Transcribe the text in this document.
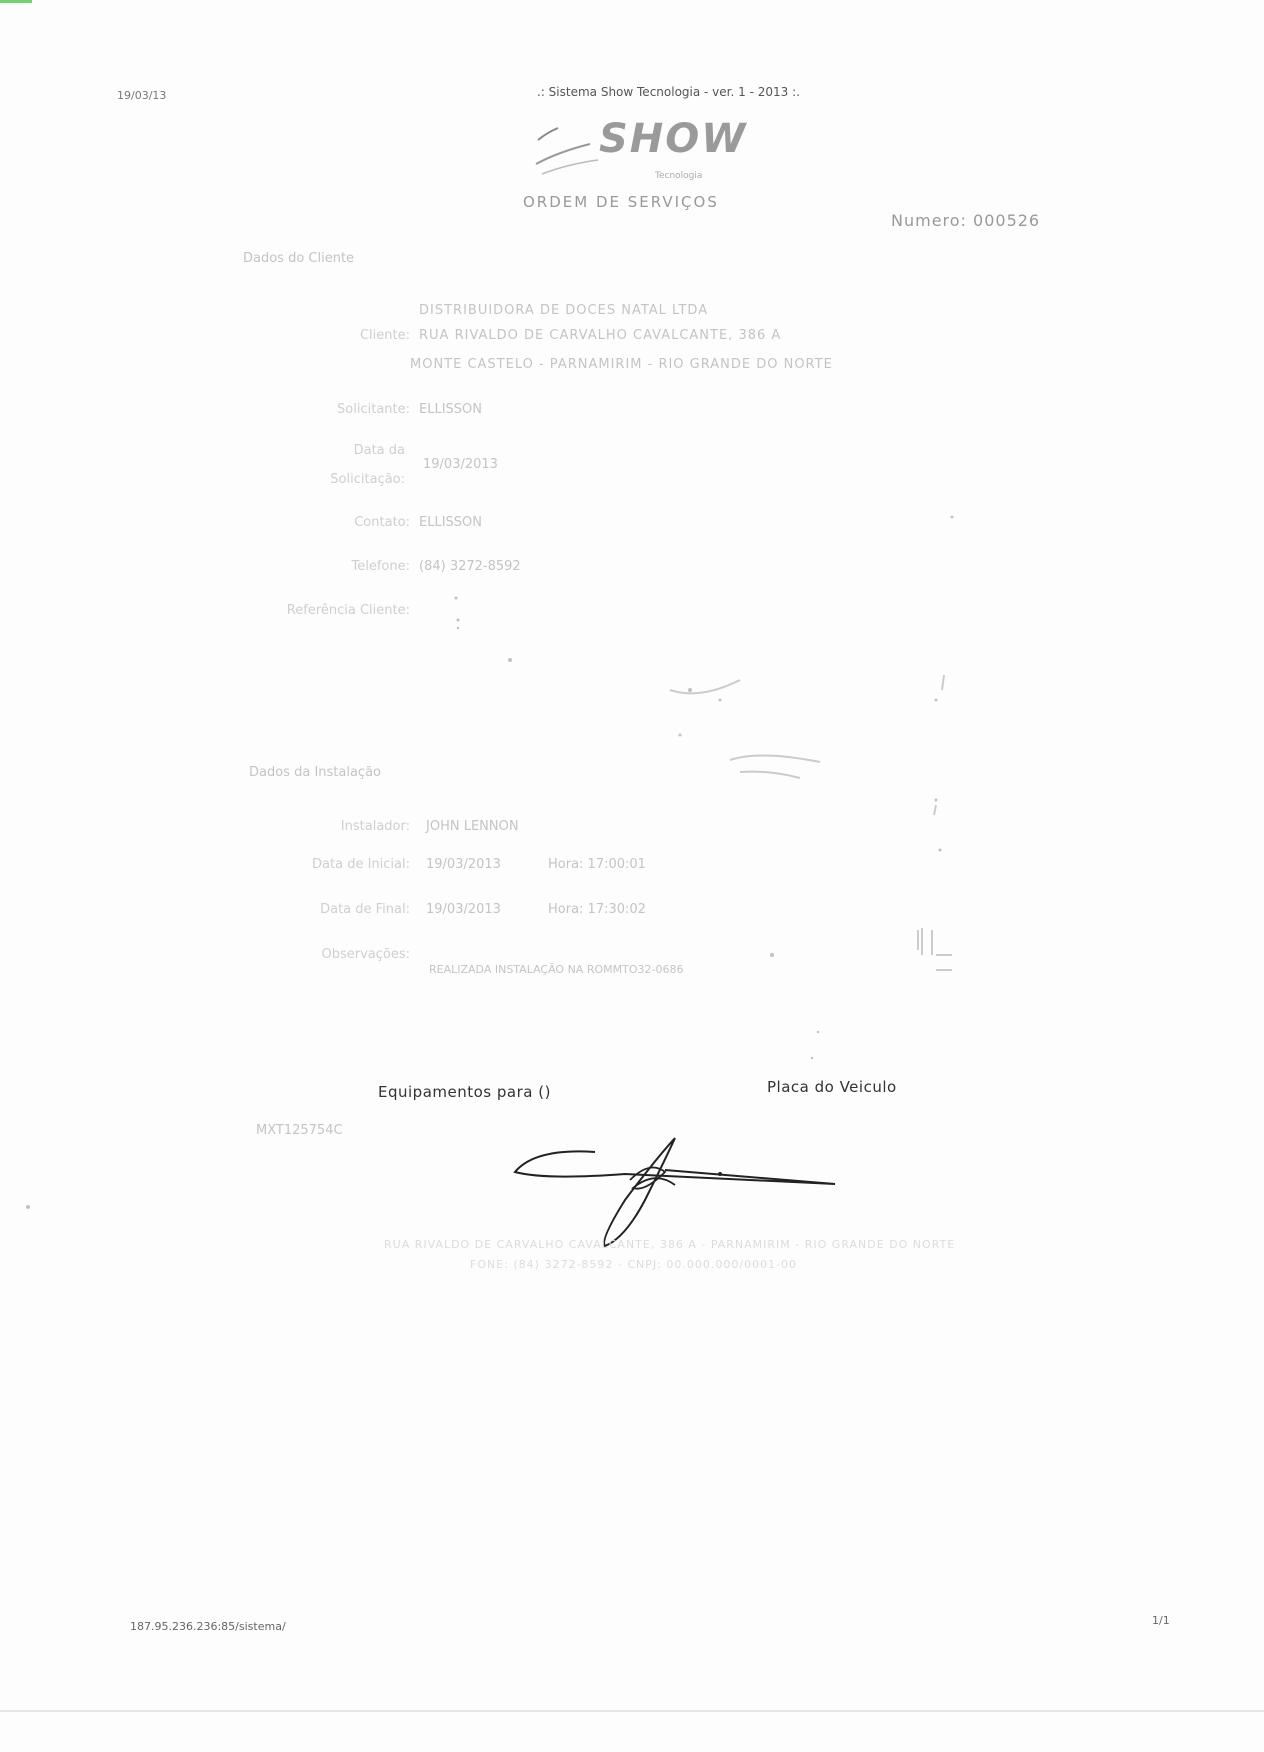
19/03/13	.: Sistema Show Tecnologia - ver. 1 - 2013 :.
SHOW
Tecnologia
ORDEM DE SERVIÇOS
Numero: 000526
Dados do Cliente
DISTRIBUIDORA DE DOCES NATAL LTDA
Cliente: RUA RIVALDO DE CARVALHO CAVALCANTE, 386 A
MONTE CASTELO - PARNAMIRIM - RIO GRANDE DO NORTE
Solicitante: ELLISSON
Data da
Solicitação:
19/03/2013
Contato: ELLISSON
Telefone: (84) 3272-8592
Referência Cliente:
Dados da Instalação
Instalador: JOHN LENNON
Data de Inicial: 19/03/2013	Hora: 17:00:01
Data de Final: 19/03/2013	Hora: 17:30:02
Observações:
REALIZADA INSTALAÇÃO NA ROMMTO32-0686
Equipamentos para ()	Placa do Veiculo
MXT125754C
RUA RIVALDO DE CARVALHO CAVALCANTE, 386 A - PARNAMIRIM - RIO GRANDE DO NORTE
FONE: (84) 3272-8592 - CNPJ: 00.000.000/0001-00
187.95.236.236:85/sistema/	1/1
